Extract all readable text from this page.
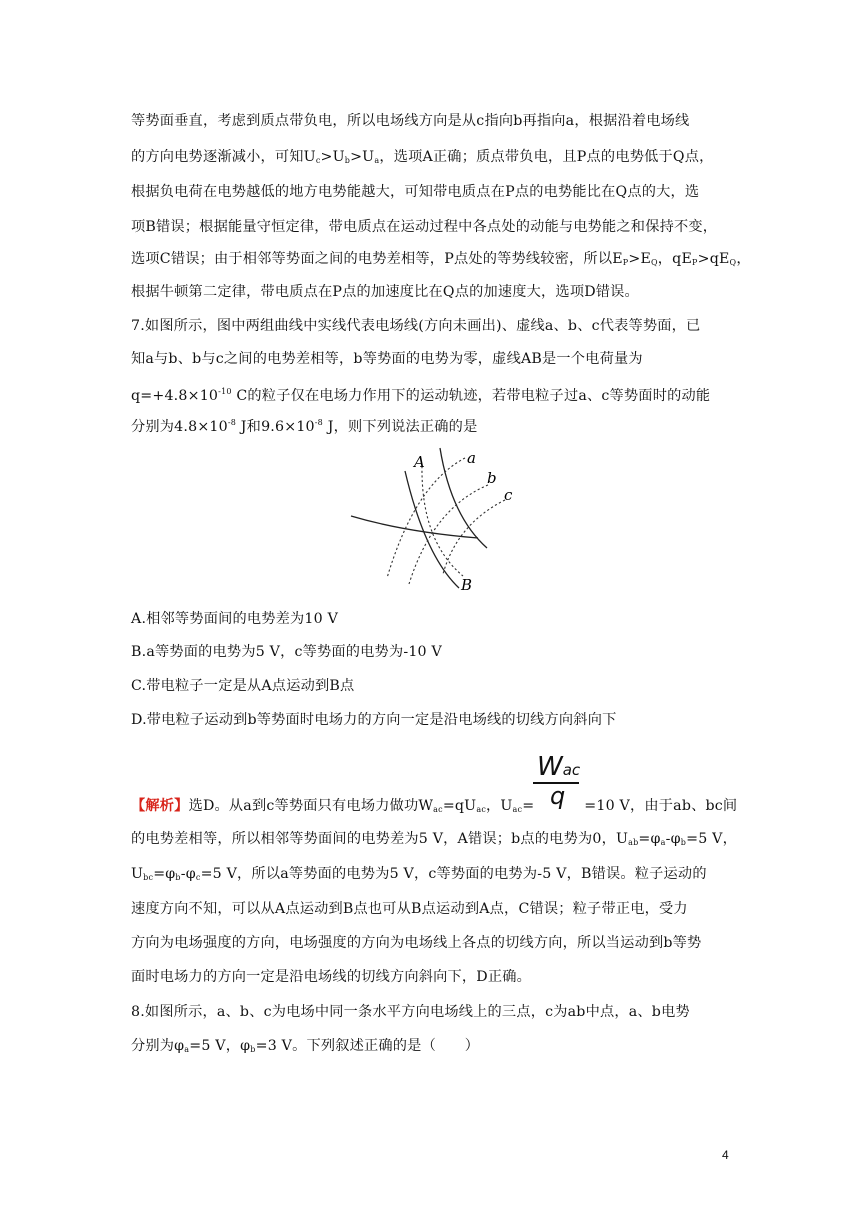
等势面垂直，考虑到质点带负电，所以电场线方向是从c指向b再指向a，根据沿着电场线
的方向电势逐渐减小，可知$U_c>U_b>U_a$，选项A正确；质点带负电，且P点的电势低于Q点，
根据负电荷在电势越低的地方电势能越大，可知带电质点在P点的电势能比在Q点的大，选
项B错误；根据能量守恒定律，带电质点在运动过程中各点处的动能与电势能之和保持不变，
选项C错误；由于相邻等势面之间的电势差相等，P点处的等势线较密，所以$E_P>E_Q$，$qE_P>qE_Q$，
根据牛顿第二定律，带电质点在P点的加速度比在Q点的加速度大，选项D错误。
7.如图所示，图中两组曲线中实线代表电场线(方向未画出)、虚线a、b、c代表等势面，已
知a与b、b与c之间的电势差相等，b等势面的电势为零，虚线AB是一个电荷量为
$q=+4.8\times 10^{-10}$ C的粒子仅在电场力作用下的运动轨迹，若带电粒子过a、c等势面时的动能
分别为$4.8\times 10^{-8}$ J和$9.6\times 10^{-8}$ J，则下列说法正确的是
A	a
b
c
B
A.相邻等势面间的电势差为10 V
B.a等势面的电势为5 V，c等势面的电势为-10 V
C.带电粒子一定是从A点运动到B点
D.带电粒子运动到b等势面时电场力的方向一定是沿电场线的切线方向斜向下
Wac
q
【解析】选D。从a到c等势面只有电场力做功$W_{ac}=qU_{ac}$，$U_{ac}=$	=10 V，由于ab、bc间
的电势差相等，所以相邻等势面间的电势差为5 V，A错误；b点的电势为0，$U_{ab}=\varphi_a-\varphi_b=5$ V，
$U_{bc}=\varphi_b-\varphi_c=5$ V，所以a等势面的电势为5 V，c等势面的电势为-5 V，B错误。粒子运动的
速度方向不知，可以从A点运动到B点也可从B点运动到A点，C错误；粒子带正电，受力
方向为电场强度的方向，电场强度的方向为电场线上各点的切线方向，所以当运动到b等势
面时电场力的方向一定是沿电场线的切线方向斜向下，D正确。
8.如图所示，a、b、c为电场中同一条水平方向电场线上的三点，c为ab中点，a、b电势
分别为$\varphi_a=5$ V，$\varphi_b=3$ V。下列叙述正确的是（　　）
4
